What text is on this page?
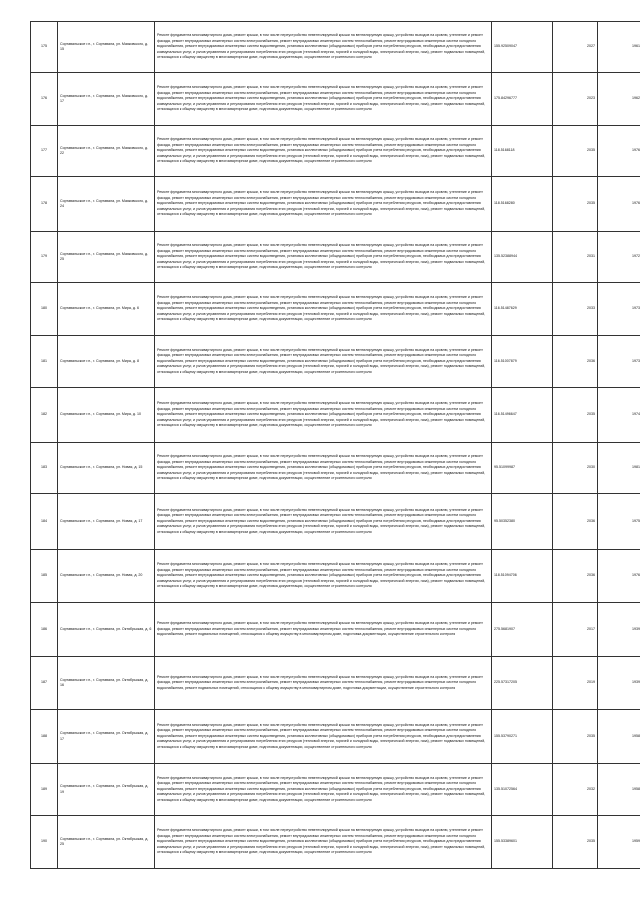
175	Сортавальское г.п., г. Сортавала, ул. Маяковского, д. 15	Ремонт фундамента многоквартирного дома, ремонт крыши, в том числе переустройство невентилируемой крыши на вентилируемую крышу, устройство выходов на кровлю, утепление и ремонт фасада, ремонт внутридомовых инженерных систем электроснабжения, ремонт внутридомовых инженерных систем теплоснабжения, ремонт внутридомовых инженерных систем холодного водоснабжения, ремонт внутридомовых инженерных систем водоотведения, установка коллективных (общедомовых) приборов учета потребления ресурсов, необходимых для предоставления коммунальных услуг, и узлов управления и регулирования потребления этих ресурсов (тепловой энергии, горячей и холодной воды, электрической энергии, газа), ремонт подвальных помещений, относящихся к общему имуществу в многоквартирном доме, подготовка документации, осуществление строительного контроля	155.92509047	2027	1961

176	Сортавальское г.п., г. Сортавала, ул. Маяковского, д. 17	Ремонт фундамента многоквартирного дома, ремонт крыши, в том числе переустройство невентилируемой крыши на вентилируемую крышу, устройство выходов на кровлю, утепление и ремонт фасада, ремонт внутридомовых инженерных систем электроснабжения, ремонт внутридомовых инженерных систем теплоснабжения, ремонт внутридомовых инженерных систем холодного водоснабжения, ремонт внутридомовых инженерных систем водоотведения, установка коллективных (общедомовых) приборов учета потребления ресурсов, необходимых для предоставления коммунальных услуг, и узлов управления и регулирования потребления этих ресурсов (тепловой энергии, горячей и холодной воды, электрической энергии, газа), ремонт подвальных помещений, относящихся к общему имуществу в многоквартирном доме, подготовка документации, осуществление строительного контроля	175.84296777	2023	1962

177	Сортавальское г.п., г. Сортавала, ул. Маяковского, д. 22	Ремонт фундамента многоквартирного дома, ремонт крыши, в том числе переустройство невентилируемой крыши на вентилируемую крышу, устройство выходов на кровлю, утепление и ремонт фасада, ремонт внутридомовых инженерных систем электроснабжения, ремонт внутридомовых инженерных систем теплоснабжения, ремонт внутридомовых инженерных систем холодного водоснабжения, ремонт внутридомовых инженерных систем водоотведения, установка коллективных (общедомовых) приборов учета потребления ресурсов, необходимых для предоставления коммунальных услуг, и узлов управления и регулирования потребления этих ресурсов (тепловой энергии, горячей и холодной воды, электрической энергии, газа), ремонт подвальных помещений, относящихся к общему имуществу в многоквартирном доме, подготовка документации, осуществление строительного контроля	118.5168118	2035	1976

178	Сортавальское г.п., г. Сортавала, ул. Маяковского, д. 24	Ремонт фундамента многоквартирного дома, ремонт крыши, в том числе переустройство невентилируемой крыши на вентилируемую крышу, устройство выходов на кровлю, утепление и ремонт фасада, ремонт внутридомовых инженерных систем электроснабжения, ремонт внутридомовых инженерных систем теплоснабжения, ремонт внутридомовых инженерных систем холодного водоснабжения, ремонт внутридомовых инженерных систем водоотведения, установка коллективных (общедомовых) приборов учета потребления ресурсов, необходимых для предоставления коммунальных услуг, и узлов управления и регулирования потребления этих ресурсов (тепловой энергии, горячей и холодной воды, электрической энергии, газа), ремонт подвальных помещений, относящихся к общему имуществу в многоквартирном доме, подготовка документации, осуществление строительного контроля	118.5168280	2035	1976

179	Сортавальское г.п., г. Сортавала, ул. Маяковского, д. 25	Ремонт фундамента многоквартирного дома, ремонт крыши, в том числе переустройство невентилируемой крыши на вентилируемую крышу, устройство выходов на кровлю, утепление и ремонт фасада, ремонт внутридомовых инженерных систем электроснабжения, ремонт внутридомовых инженерных систем теплоснабжения, ремонт внутридомовых инженерных систем холодного водоснабжения, ремонт внутридомовых инженерных систем водоотведения, установка коллективных (общедомовых) приборов учета потребления ресурсов, необходимых для предоставления коммунальных услуг, и узлов управления и регулирования потребления этих ресурсов (тепловой энергии, горячей и холодной воды, электрической энергии, газа), ремонт подвальных помещений, относящихся к общему имуществу в многоквартирном доме, подготовка документации, осуществление строительного контроля	135.52388944	2031	1972

180	Сортавальское г.п., г. Сортавала, ул. Мира, д. 6	Ремонт фундамента многоквартирного дома, ремонт крыши, в том числе переустройство невентилируемой крыши на вентилируемую крышу, устройство выходов на кровлю, утепление и ремонт фасада, ремонт внутридомовых инженерных систем электроснабжения, ремонт внутридомовых инженерных систем теплоснабжения, ремонт внутридомовых инженерных систем холодного водоснабжения, ремонт внутридомовых инженерных систем водоотведения, установка коллективных (общедомовых) приборов учета потребления ресурсов, необходимых для предоставления коммунальных услуг, и узлов управления и регулирования потребления этих ресурсов (тепловой энергии, горячей и холодной воды, электрической энергии, газа), ремонт подвальных помещений, относящихся к общему имуществу в многоквартирном доме, подготовка документации, осуществление строительного контроля	116.51487629	2033	1973

181	Сортавальское г.п., г. Сортавала, ул. Мира, д. 8	Ремонт фундамента многоквартирного дома, ремонт крыши, в том числе переустройство невентилируемой крыши на вентилируемую крышу, устройство выходов на кровлю, утепление и ремонт фасада, ремонт внутридомовых инженерных систем электроснабжения, ремонт внутридомовых инженерных систем теплоснабжения, ремонт внутридомовых инженерных систем холодного водоснабжения, ремонт внутридомовых инженерных систем водоотведения, установка коллективных (общедомовых) приборов учета потребления ресурсов, необходимых для предоставления коммунальных услуг, и узлов управления и регулирования потребления этих ресурсов (тепловой энергии, горячей и холодной воды, электрической энергии, газа), ремонт подвальных помещений, относящихся к общему имуществу в многоквартирном доме, подготовка документации, осуществление строительного контроля	116.51007879	2036	1973

182	Сортавальское г.п., г. Сортавала, ул. Мира, д. 10	Ремонт фундамента многоквартирного дома, ремонт крыши, в том числе переустройство невентилируемой крыши на вентилируемую крышу, устройство выходов на кровлю, утепление и ремонт фасада, ремонт внутридомовых инженерных систем электроснабжения, ремонт внутридомовых инженерных систем теплоснабжения, ремонт внутридомовых инженерных систем холодного водоснабжения, ремонт внутридомовых инженерных систем водоотведения, установка коллективных (общедомовых) приборов учета потребления ресурсов, необходимых для предоставления коммунальных услуг, и узлов управления и регулирования потребления этих ресурсов (тепловой энергии, горячей и холодной воды, электрической энергии, газа), ремонт подвальных помещений, относящихся к общему имуществу в многоквартирном доме, подготовка документации, осуществление строительного контроля	116.51496647	2035	1974

183	Сортавальское г.п., г. Сортавала, ул. Новая, д. 15	Ремонт фундамента многоквартирного дома, ремонт крыши, в том числе переустройство невентилируемой крыши на вентилируемую крышу, устройство выходов на кровлю, утепление и ремонт фасада, ремонт внутридомовых инженерных систем электроснабжения, ремонт внутридомовых инженерных систем теплоснабжения, ремонт внутридомовых инженерных систем холодного водоснабжения, ремонт внутридомовых инженерных систем водоотведения, установка коллективных (общедомовых) приборов учета потребления ресурсов, необходимых для предоставления коммунальных услуг, и узлов управления и регулирования потребления этих ресурсов (тепловой энергии, горячей и холодной воды, электрической энергии, газа), ремонт подвальных помещений, относящихся к общему имуществу в многоквартирном доме, подготовка документации, осуществление строительного контроля	95.51099987	2030	1981

184	Сортавальское г.п., г. Сортавала, ул. Новая, д. 17	Ремонт фундамента многоквартирного дома, ремонт крыши, в том числе переустройство невентилируемой крыши на вентилируемую крышу, устройство выходов на кровлю, утепление и ремонт фасада, ремонт внутридомовых инженерных систем электроснабжения, ремонт внутридомовых инженерных систем теплоснабжения, ремонт внутридомовых инженерных систем холодного водоснабжения, ремонт внутридомовых инженерных систем водоотведения, установка коллективных (общедомовых) приборов учета потребления ресурсов, необходимых для предоставления коммунальных услуг, и узлов управления и регулирования потребления этих ресурсов (тепловой энергии, горячей и холодной воды, электрической энергии, газа), ремонт подвальных помещений, относящихся к общему имуществу в многоквартирном доме, подготовка документации, осуществление строительного контроля	95.50352380	2036	1975

185	Сортавальское г.п., г. Сортавала, ул. Новая, д. 20	Ремонт фундамента многоквартирного дома, ремонт крыши, в том числе переустройство невентилируемой крыши на вентилируемую крышу, устройство выходов на кровлю, утепление и ремонт фасада, ремонт внутридомовых инженерных систем электроснабжения, ремонт внутридомовых инженерных систем теплоснабжения, ремонт внутридомовых инженерных систем холодного водоснабжения, ремонт внутридомовых инженерных систем водоотведения, установка коллективных (общедомовых) приборов учета потребления ресурсов, необходимых для предоставления коммунальных услуг, и узлов управления и регулирования потребления этих ресурсов (тепловой энергии, горячей и холодной воды, электрической энергии, газа), ремонт подвальных помещений, относящихся к общему имуществу в многоквартирном доме, подготовка документации, осуществление строительного контроля	118.51094706	2036	1976

186	Сортавальское г.п., г. Сортавала, ул. Октябрьская, д. 6	Ремонт фундамента многоквартирного дома, ремонт крыши, в том числе переустройство невентилируемой крыши на вентилируемую крышу, устройство выходов на кровлю, утепление и ремонт фасада, ремонт внутридомовых инженерных систем электроснабжения, ремонт внутридомовых инженерных систем теплоснабжения, ремонт внутридомовых инженерных систем холодного водоснабжения, ремонт подвальных помещений, относящихся к общему имуществу в многоквартирном доме, подготовка документации, осуществление строительного контроля	275.5681907	2017	1939

187	Сортавальское г.п., г. Сортавала, ул. Октябрьская, д. 16	Ремонт фундамента многоквартирного дома, ремонт крыши, в том числе переустройство невентилируемой крыши на вентилируемую крышу, устройство выходов на кровлю, утепление и ремонт фасада, ремонт внутридомовых инженерных систем электроснабжения, ремонт внутридомовых инженерных систем теплоснабжения, ремонт внутридомовых инженерных систем холодного водоснабжения, ремонт подвальных помещений, относящихся к общему имуществу в многоквартирном доме, подготовка документации, осуществление строительного контроля	225.57317205	2019	1939

188	Сортавальское г.п., г. Сортавала, ул. Октябрьская, д. 17	Ремонт фундамента многоквартирного дома, ремонт крыши, в том числе переустройство невентилируемой крыши на вентилируемую крышу, устройство выходов на кровлю, утепление и ремонт фасада, ремонт внутридомовых инженерных систем электроснабжения, ремонт внутридомовых инженерных систем теплоснабжения, ремонт внутридомовых инженерных систем холодного водоснабжения, ремонт внутридомовых инженерных систем водоотведения, установка коллективных (общедомовых) приборов учета потребления ресурсов, необходимых для предоставления коммунальных услуг, и узлов управления и регулирования потребления этих ресурсов (тепловой энергии, горячей и холодной воды, электрической энергии, газа), ремонт подвальных помещений, относящихся к общему имуществу в многоквартирном доме, подготовка документации, осуществление строительного контроля	155.53790271	2035	1958

189	Сортавальское г.п., г. Сортавала, ул. Октябрьская, д. 19	Ремонт фундамента многоквартирного дома, ремонт крыши, в том числе переустройство невентилируемой крыши на вентилируемую крышу, устройство выходов на кровлю, утепление и ремонт фасада, ремонт внутридомовых инженерных систем электроснабжения, ремонт внутридомовых инженерных систем теплоснабжения, ремонт внутридомовых инженерных систем холодного водоснабжения, ремонт внутридомовых инженерных систем водоотведения, установка коллективных (общедомовых) приборов учета потребления ресурсов, необходимых для предоставления коммунальных услуг, и узлов управления и регулирования потребления этих ресурсов (тепловой энергии, горячей и холодной воды, электрической энергии, газа), ремонт подвальных помещений, относящихся к общему имуществу в многоквартирном доме, подготовка документации, осуществление строительного контроля	135.51072564	2032	1958

190	Сортавальское г.п., г. Сортавала, ул. Октябрьская, д. 25	Ремонт фундамента многоквартирного дома, ремонт крыши, в том числе переустройство невентилируемой крыши на вентилируемую крышу, устройство выходов на кровлю, утепление и ремонт фасада, ремонт внутридомовых инженерных систем электроснабжения, ремонт внутридомовых инженерных систем теплоснабжения, ремонт внутридомовых инженерных систем холодного водоснабжения, ремонт внутридомовых инженерных систем водоотведения, установка коллективных (общедомовых) приборов учета потребления ресурсов, необходимых для предоставления коммунальных услуг, и узлов управления и регулирования потребления этих ресурсов (тепловой энергии, горячей и холодной воды, электрической энергии, газа), ремонт подвальных помещений, относящихся к общему имуществу в многоквартирном доме, подготовка документации, осуществление строительного контроля	155.53389601	2035	1959
